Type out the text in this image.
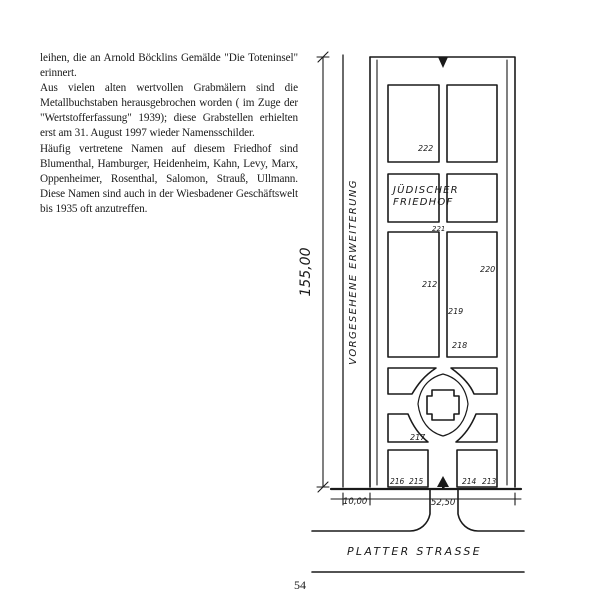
leihen, die an Arnold Böcklins Gemälde "Die Toteninsel" erinnert.

Aus vielen alten wertvollen Grabmälern sind die Metallbuchstaben herausgebrochen worden ( im Zuge der "Wertstofferfassung" 1939); diese Grabstellen erhielten erst am 31. August 1997 wieder Namensschilder.

Häufig vertretene Namen auf diesem Friedhof sind Blumenthal, Hamburger, Heidenheim, Kahn, Levy, Marx, Oppenheimer, Rosenthal, Salomon, Strauß, Ullmann. Diese Namen sind auch in der Wiesbadener Geschäftswelt bis 1935 oft anzutreffen.

155,00	VORGESEHENE ERWEITERUNG	JÜDISCHER
FRIEDHOF
PLATTER STRASSE
10,00	52,50
222
221
220
212
219
218
217
216 215	214 213
54
